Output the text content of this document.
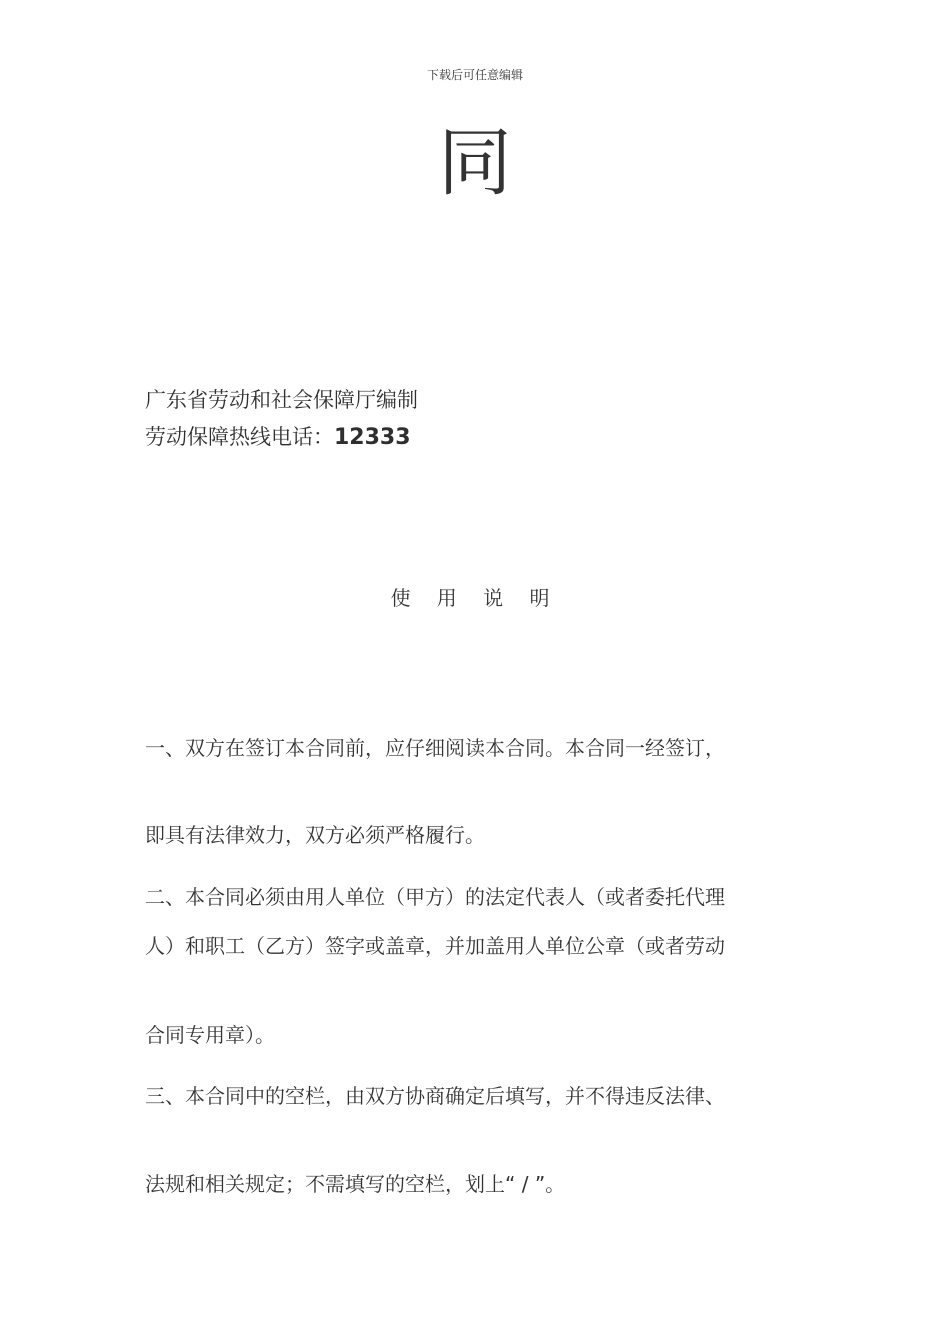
下载后可任意编辑
同
广东省劳动和社会保障厅编制
劳动保障热线电话：12333
使 用 说 明
一、双方在签订本合同前，应仔细阅读本合同。本合同一经签订，
即具有法律效力，双方必须严格履行。
二、本合同必须由用人单位（甲方）的法定代表人（或者委托代理
人）和职工（乙方）签字或盖章，并加盖用人单位公章（或者劳动
合同专用章）。
三、本合同中的空栏，由双方协商确定后填写，并不得违反法律、
法规和相关规定；不需填写的空栏，划上“ / ”。
